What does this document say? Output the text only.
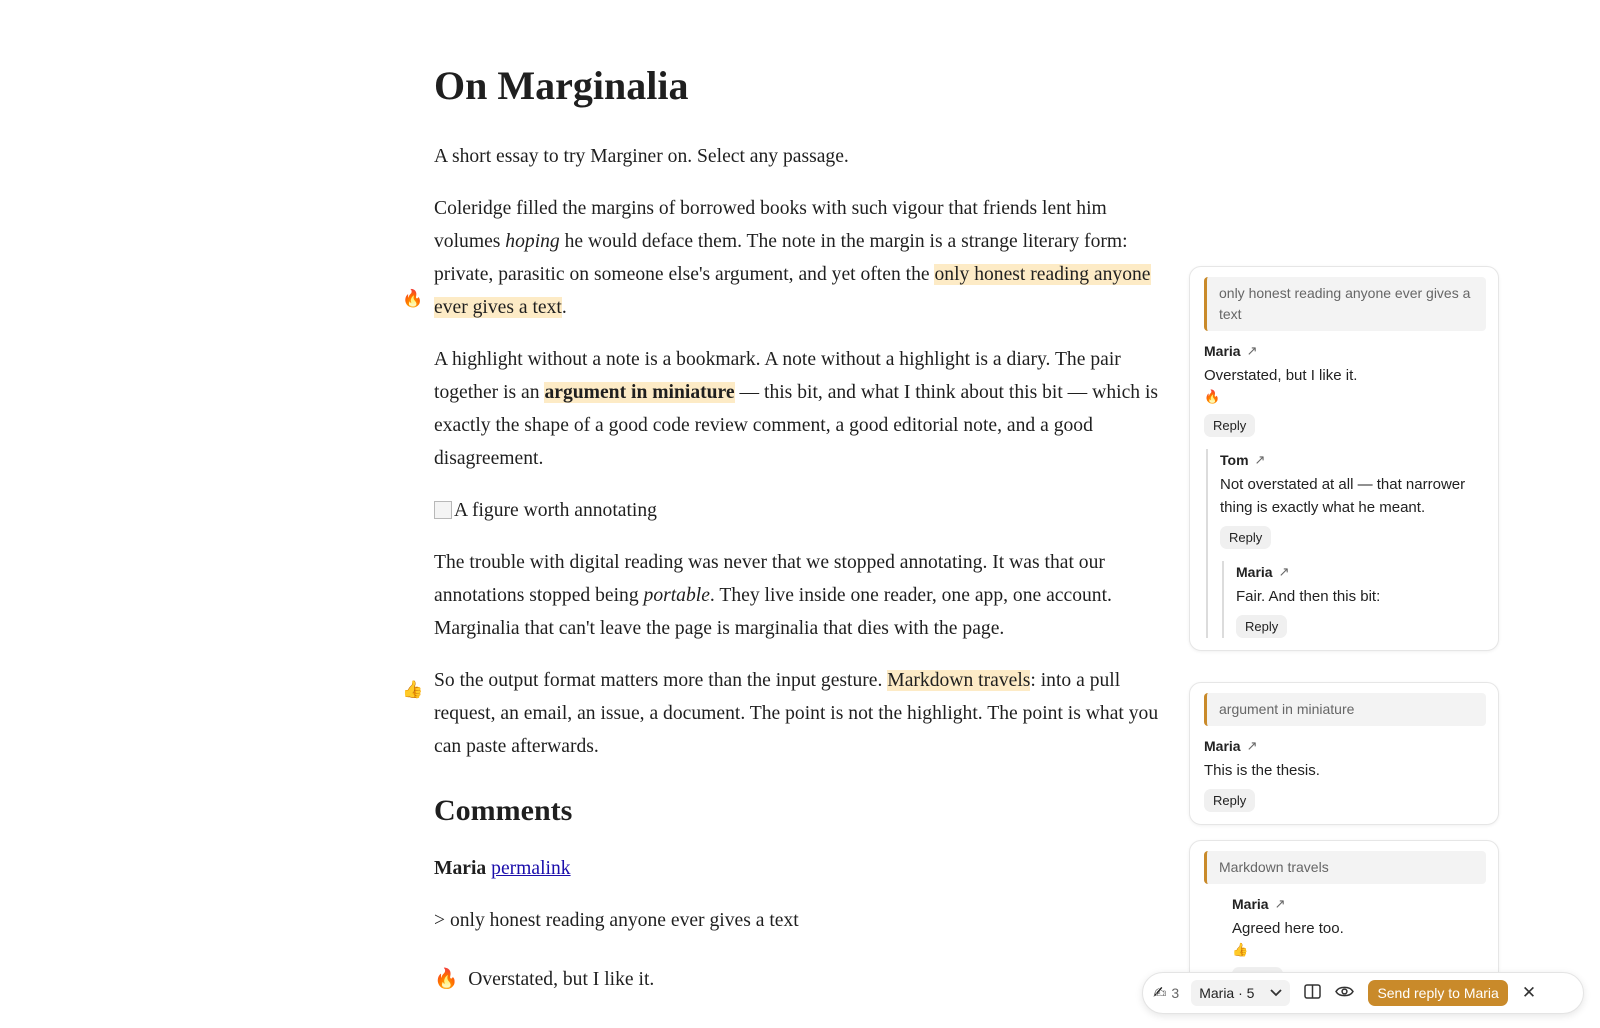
🔥
👍
On Marginalia

A short essay to try Marginer on. Select any passage.

Coleridge filled the margins of borrowed books with such vigour that friends lent him volumes hoping he would deface them. The note in the margin is a strange literary form: private, parasitic on someone else's argument, and yet often the only honest reading anyone ever gives a text.

A highlight without a note is a bookmark. A note without a highlight is a diary. The pair together is an argument in miniature — this bit, and what I think about this bit — which is exactly the shape of a good code review comment, a good editorial note, and a good disagreement.

A figure worth annotating

The trouble with digital reading was never that we stopped annotating. It was that our annotations stopped being portable. They live inside one reader, one app, one account. Marginalia that can't leave the page is marginalia that dies with the page.

So the output format matters more than the input gesture. Markdown travels: into a pull request, an email, an issue, a document. The point is not the highlight. The point is what you can paste afterwards.

Comments

Maria permalink

> only honest reading anyone ever gives a text

🔥 Overstated, but I like it.

only honest reading anyone ever gives a text
Maria ↗
Overstated, but I like it.
🔥
Reply
Tom ↗
Not overstated at all — that narrower thing is exactly what he meant.
Reply
Maria ↗
Fair. And then this bit:
Reply
argument in miniature
Maria ↗
This is the thesis.
Reply
Markdown travels
Maria ↗
Agreed here too.
👍
✍ 3 Maria · 5	Send reply to Maria	✕
